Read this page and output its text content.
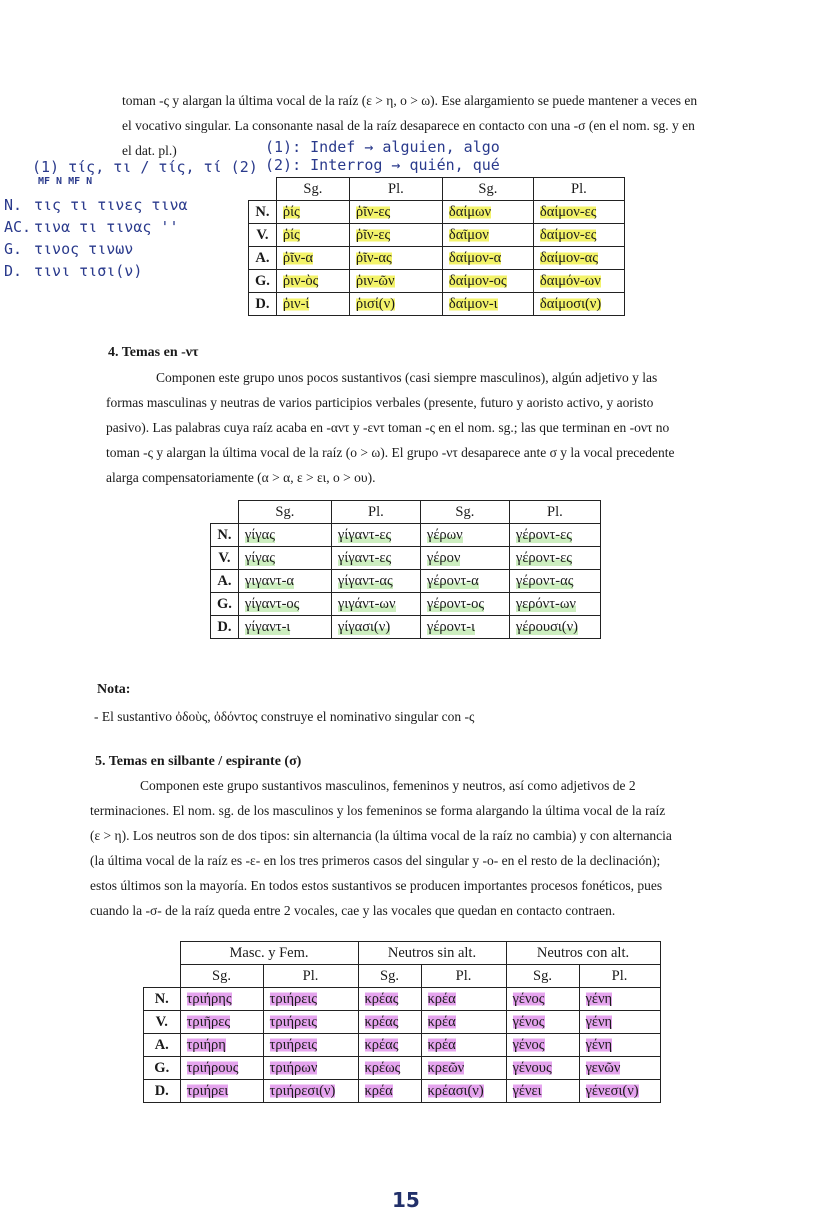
toman -ς y alargan la última vocal de la raíz (ε > η, ο > ω). Ese alargamiento se puede mantener a veces en
el vocativo singular. La consonante nasal de la raíz desaparece en contacto con una -σ (en el nom. sg. y en
el dat. pl.)
(1) τίς, τι / τίς, τί (2)
MF N MF N
(1): Indef → alguien, algo
(2): Interrog → quién, qué
N. τις τι τινες τινα
AC. τινα τι τινας ''
G. τινος τινων
D. τινι τισι(ν)
	Sg.	Pl.	Sg.	Pl.
N.	ῥίς	ῥῖν-ες	δαίμων	δαίμον-ες
V.	ῥίς	ῥῖν-ες	δαῖμον	δαίμον-ες
A.	ῥῖν-α	ῥῖν-ας	δαίμον-α	δαίμον-ας
G.	ῥιν-ὸς	ῥιν-ῶν	δαίμον-ος	δαιμόν-ων
D.	ῥιν-ί	ῥισί(ν)	δαίμον-ι	δαίμοσι(ν)
4. Temas en -ντ
Componen este grupo unos pocos sustantivos (casi siempre masculinos), algún adjetivo y las
formas masculinas y neutras de varios participios verbales (presente, futuro y aoristo activo, y aoristo
pasivo). Las palabras cuya raíz acaba en -αντ y -εντ toman -ς en el nom. sg.; las que terminan en -οντ no
toman -ς y alargan la última vocal de la raíz (ο > ω). El grupo -ντ desaparece ante σ y la vocal precedente
alarga compensatoriamente (α > α, ε > ει, ο > ου).
	Sg.	Pl.	Sg.	Pl.
N.	γίγας	γίγαντ-ες	γέρων	γέροντ-ες
V.	γίγας	γίγαντ-ες	γέρον	γέροντ-ες
A.	γιγαντ-α	γίγαντ-ας	γέροντ-α	γέροντ-ας
G.	γίγαντ-ος	γιγάντ-ων	γέροντ-ος	γερόντ-ων
D.	γίγαντ-ι	γίγασι(ν)	γέροντ-ι	γέρουσι(ν)
Nota:
- El sustantivo ὀδοὺς, ὀδόντος construye el nominativo singular con -ς
5. Temas en silbante / espirante (σ)
Componen este grupo sustantivos masculinos, femeninos y neutros, así como adjetivos de 2
terminaciones. El nom. sg. de los masculinos y los femeninos se forma alargando la última vocal de la raíz
(ε > η). Los neutros son de dos tipos: sin alternancia (la última vocal de la raíz no cambia) y con alternancia
(la última vocal de la raíz es -ε- en los tres primeros casos del singular y -ο- en el resto de la declinación);
estos últimos son la mayoría. En todos estos sustantivos se producen importantes procesos fonéticos, pues
cuando la -σ- de la raíz queda entre 2 vocales, cae y las vocales que quedan en contacto contraen.
	Masc. y Fem.		Neutros sin alt.		Neutros con alt.	
	Sg.	Pl.	Sg.	Pl.	Sg.	Pl.
N.	τριήρης	τριήρεις	κρέας	κρέα	γένος	γένη
V.	τριῆρες	τριήρεις	κρέας	κρέα	γένος	γένη
A.	τριήρη	τριήρεις	κρέας	κρέα	γένος	γένη
G.	τριήρους	τριήρων	κρέως	κρεῶν	γένους	γενῶν
D.	τριήρει	τριήρεσι(ν)	κρέα	κρέασι(ν)	γένει	γένεσι(ν)
15
